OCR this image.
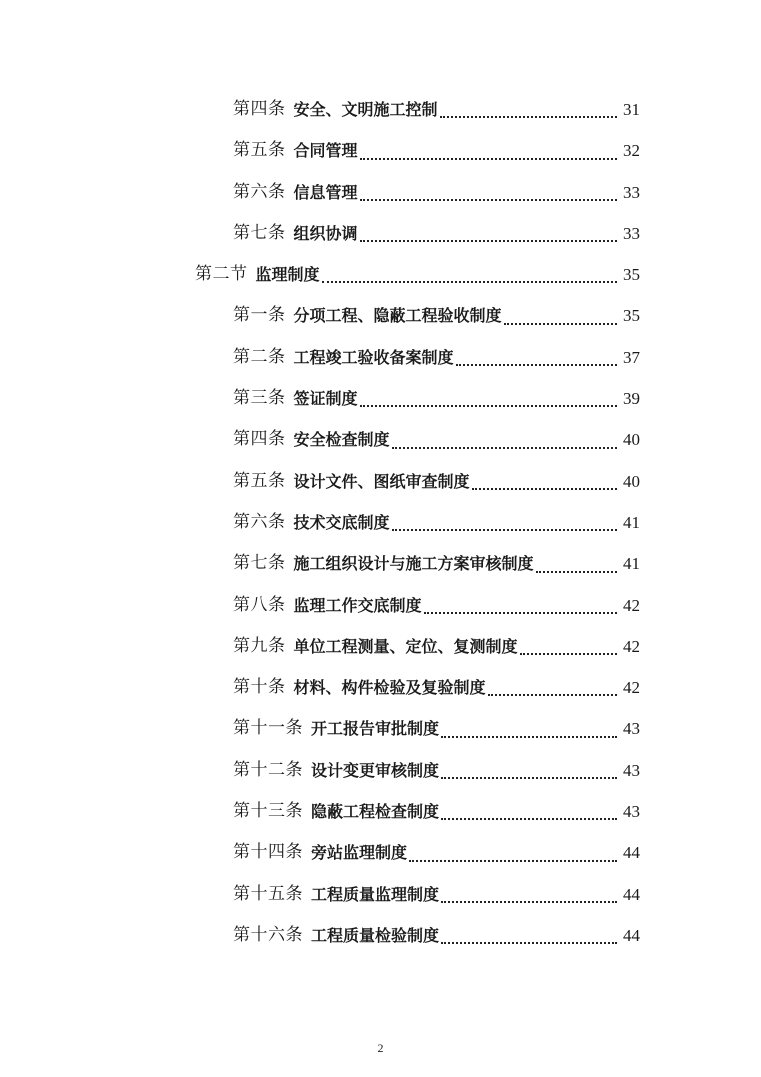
第四条 安全、文明施工控制	31
第五条 合同管理	32
第六条 信息管理	33
第七条 组织协调	33
第二节 监理制度	35
第一条 分项工程、隐蔽工程验收制度	35
第二条 工程竣工验收备案制度	37
第三条 签证制度	39
第四条 安全检查制度	40
第五条 设计文件、图纸审查制度	40
第六条 技术交底制度	41
第七条 施工组织设计与施工方案审核制度	41
第八条 监理工作交底制度	42
第九条 单位工程测量、定位、复测制度	42
第十条 材料、构件检验及复验制度	42
第十一条 开工报告审批制度	43
第十二条 设计变更审核制度	43
第十三条 隐蔽工程检查制度	43
第十四条 旁站监理制度	44
第十五条 工程质量监理制度	44
第十六条 工程质量检验制度	44
2
